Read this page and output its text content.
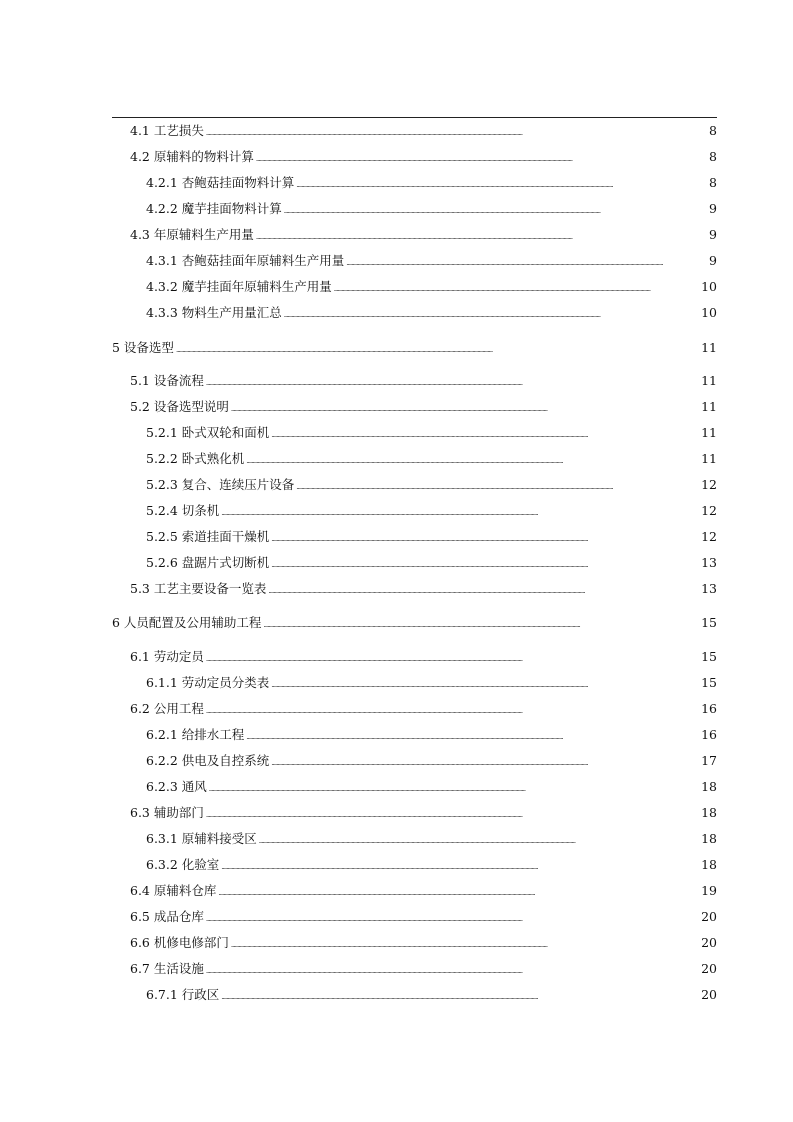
4.1 工艺损失 . . .	8
4.2 原辅料的物料计算 . . .	8
4.2.1 杏鲍菇挂面物料计算 . . .	8
4.2.2 魔芋挂面物料计算 . . .	9
4.3 年原辅料生产用量 . . .	9
4.3.1 杏鲍菇挂面年原辅料生产用量 . . .	9
4.3.2 魔芋挂面年原辅料生产用量 . . .	10
4.3.3 物料生产用量汇总 . . .	10
5 设备选型 . . .	11
5.1 设备流程 . . .	11
5.2 设备选型说明 . . .	11
5.2.1 卧式双轮和面机 . . .	11
5.2.2 卧式熟化机 . . .	11
5.2.3 复合、连续压片设备 . . .	12
5.2.4 切条机 . . .	12
5.2.5 索道挂面干燥机 . . .	12
5.2.6 盘踞片式切断机 . . .	13
5.3 工艺主要设备一览表 . . .	13
6 人员配置及公用辅助工程 . . .	15
6.1 劳动定员 . . .	15
6.1.1 劳动定员分类表 . . .	15
6.2 公用工程 . . .	16
6.2.1 给排水工程 . . .	16
6.2.2 供电及自控系统 . . .	17
6.2.3 通风 . . .	18
6.3 辅助部门 . . .	18
6.3.1 原辅料接受区 . . .	18
6.3.2 化验室 . . .	18
6.4 原辅料仓库 . . .	19
6.5 成品仓库 . . .	20
6.6 机修电修部门 . . .	20
6.7 生活设施 . . .	20
6.7.1 行政区 . . .	20
